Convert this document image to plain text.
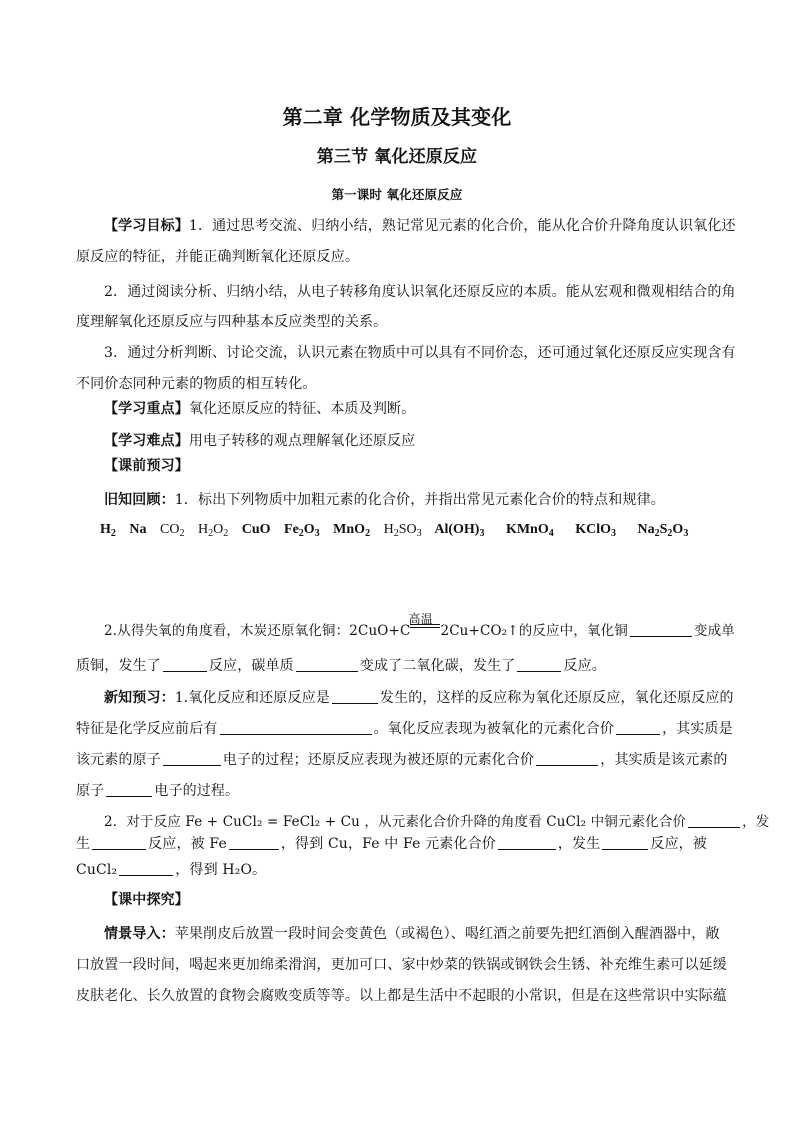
第二章 化学物质及其变化
第三节 氧化还原反应
第一课时 氧化还原反应
【学习目标】1．通过思考交流、归纳小结，熟记常见元素的化合价，能从化合价升降角度认识氧化还
原反应的特征，并能正确判断氧化还原反应。
2．通过阅读分析、归纳小结，从电子转移角度认识氧化还原反应的本质。能从宏观和微观相结合的角
度理解氧化还原反应与四种基本反应类型的关系。
3．通过分析判断、讨论交流，认识元素在物质中可以具有不同价态，还可通过氧化还原反应实现含有
不同价态同种元素的物质的相互转化。
【学习重点】氧化还原反应的特征、本质及判断。
【学习难点】用电子转移的观点理解氧化还原反应
【课前预习】
旧知回顾：1．标出下列物质中加粗元素的化合价，并指出常见元素化合价的特点和规律。
$H_2$ Na $CO_2$ $H_2O_2$ CuO $Fe_2O_3$ MnO$_2$ $H_2SO_3$ $Al(OH)_3$ KMnO$_4$ KClO$_3$ $Na_2S_2O_3$
2.从得失氧的角度看，木炭还原氧化铜：2CuO+C
高温
2Cu+CO₂↑的反应中，氧化铜	变成单
质铜，发生了	反应，碳单质	变成了二氧化碳，发生了	反应。
新知预习：1.氧化反应和还原反应是	发生的，这样的反应称为氧化还原反应，氧化还原反应的
特征是化学反应前后有	。氧化反应表现为被氧化的元素化合价	，其实质是
该元素的原子	电子的过程；还原反应表现为被还原的元素化合价	，其实质是该元素的
原子	电子的过程。
2．对于反应 Fe + CuCl₂ = FeCl₂ + Cu ，从元素化合价升降的角度看 CuCl₂ 中铜元素化合价	，发
生	反应，被 Fe	，得到 Cu，Fe 中 Fe 元素化合价	，发生	反应，被
CuCl₂	，得到 H₂O。
【课中探究】
情景导入：苹果削皮后放置一段时间会变黄色（或褐色）、喝红酒之前要先把红酒倒入醒酒器中，敞
口放置一段时间，喝起来更加绵柔滑润，更加可口、家中炒菜的铁锅或钢铁会生锈、补充维生素可以延缓
皮肤老化、长久放置的食物会腐败变质等等。以上都是生活中不起眼的小常识，但是在这些常识中实际蕴
